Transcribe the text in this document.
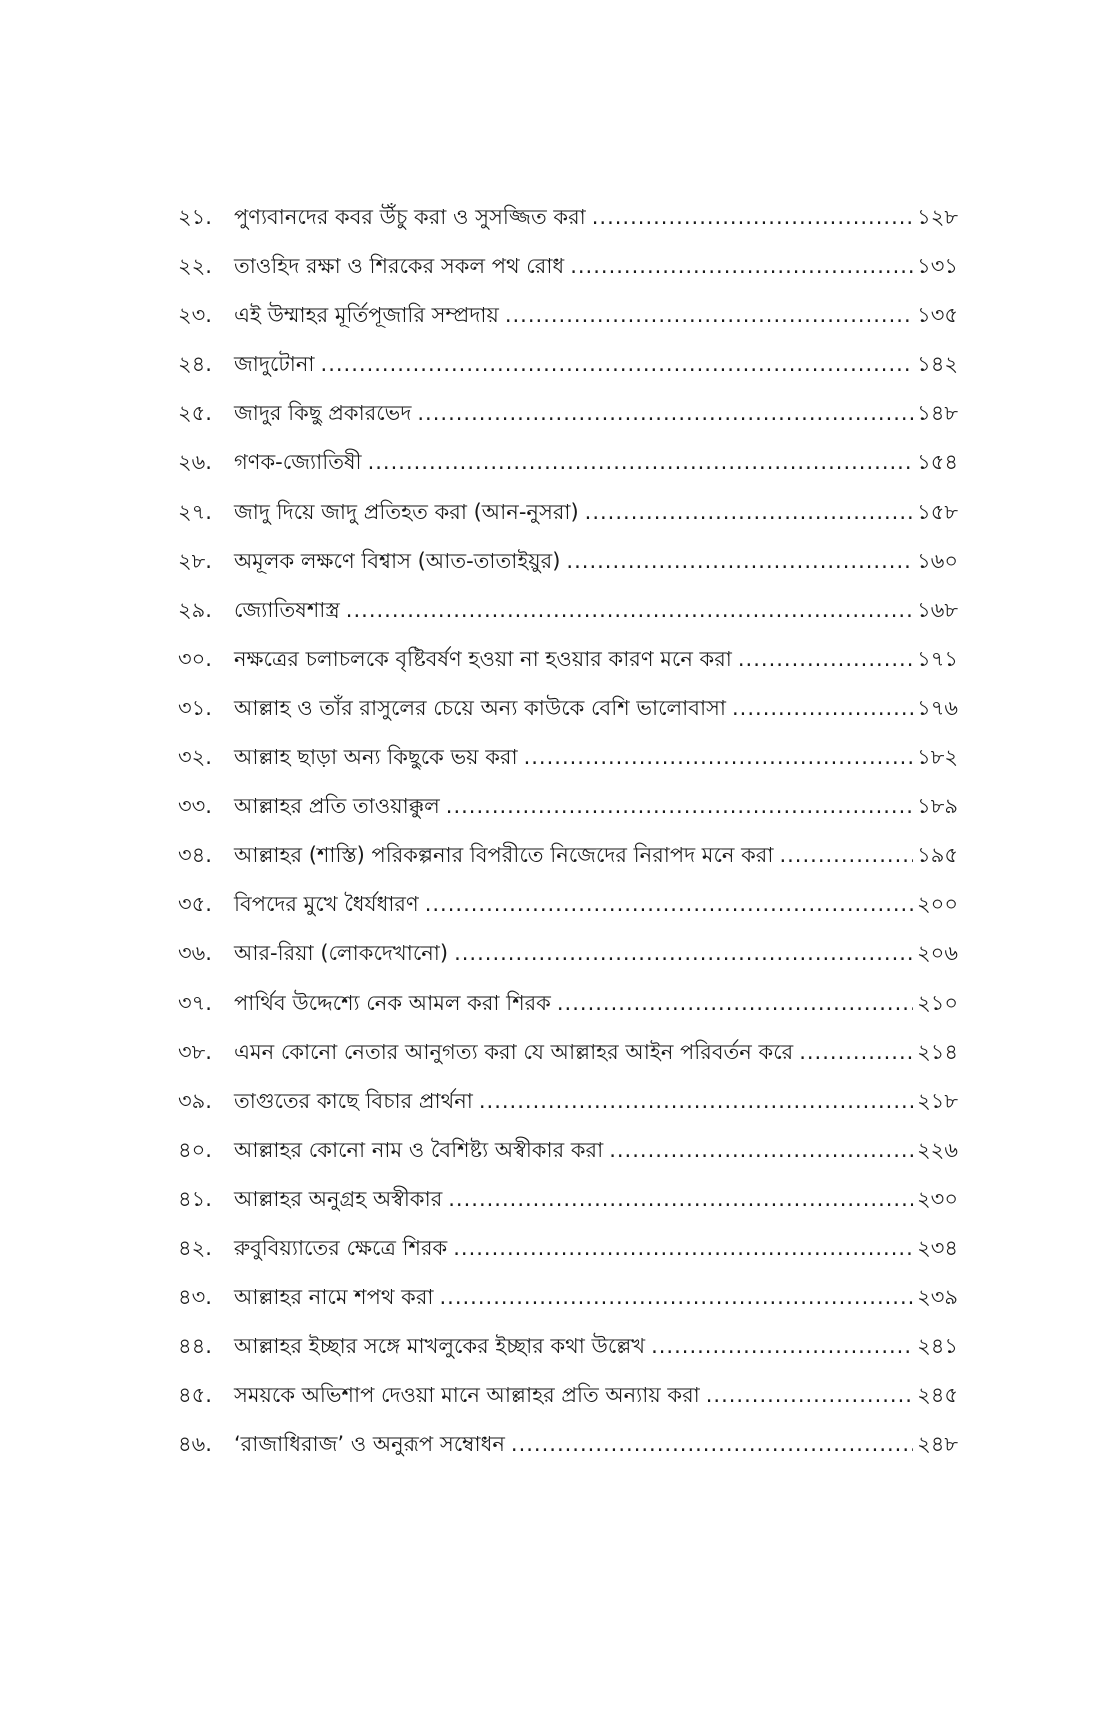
২১.	পুণ্যবানদের কবর উঁচু করা ও সুসজ্জিত করা .....	১২৮
২২.	তাওহিদ রক্ষা ও শিরকের সকল পথ রোধ .....	১৩১
২৩.	এই উম্মাহর মূর্তিপূজারি সম্প্রদায় .....	১৩৫
২৪.	জাদুটোনা .....	১৪২
২৫.	জাদুর কিছু প্রকারভেদ .....	১৪৮
২৬.	গণক-জ্যোতিষী .....	১৫৪
২৭.	জাদু দিয়ে জাদু প্রতিহত করা (আন-নুসরা) .....	১৫৮
২৮.	অমূলক লক্ষণে বিশ্বাস (আত-তাতাইয়ুর) .....	১৬০
২৯.	জ্যোতিষশাস্ত্র .....	১৬৮
৩০.	নক্ষত্রের চলাচলকে বৃষ্টিবর্ষণ হওয়া না হওয়ার কারণ মনে করা .....	১৭১
৩১.	আল্লাহ ও তাঁর রাসুলের চেয়ে অন্য কাউকে বেশি ভালোবাসা .....	১৭৬
৩২.	আল্লাহ ছাড়া অন্য কিছুকে ভয় করা .....	১৮২
৩৩.	আল্লাহর প্রতি তাওয়াক্কুল .....	১৮৯
৩৪.	আল্লাহর (শাস্তি) পরিকল্পনার বিপরীতে নিজেদের নিরাপদ মনে করা .....	১৯৫
৩৫.	বিপদের মুখে ধৈর্যধারণ .....	২০০
৩৬.	আর-রিয়া (লোকদেখানো) .....	২০৬
৩৭.	পার্থিব উদ্দেশ্যে নেক আমল করা শিরক .....	২১০
৩৮.	এমন কোনো নেতার আনুগত্য করা যে আল্লাহর আইন পরিবর্তন করে .....	২১৪
৩৯.	তাগুতের কাছে বিচার প্রার্থনা .....	২১৮
৪০.	আল্লাহর কোনো নাম ও বৈশিষ্ট্য অস্বীকার করা .....	২২৬
৪১.	আল্লাহর অনুগ্রহ অস্বীকার .....	২৩০
৪২.	রুবুবিয়্যাতের ক্ষেত্রে শিরক .....	২৩৪
৪৩.	আল্লাহর নামে শপথ করা .....	২৩৯
৪৪.	আল্লাহর ইচ্ছার সঙ্গে মাখলুকের ইচ্ছার কথা উল্লেখ .....	২৪১
৪৫.	সময়কে অভিশাপ দেওয়া মানে আল্লাহর প্রতি অন্যায় করা .....	২৪৫
৪৬.	‘রাজাধিরাজ’ ও অনুরূপ সম্বোধন .....	২৪৮
